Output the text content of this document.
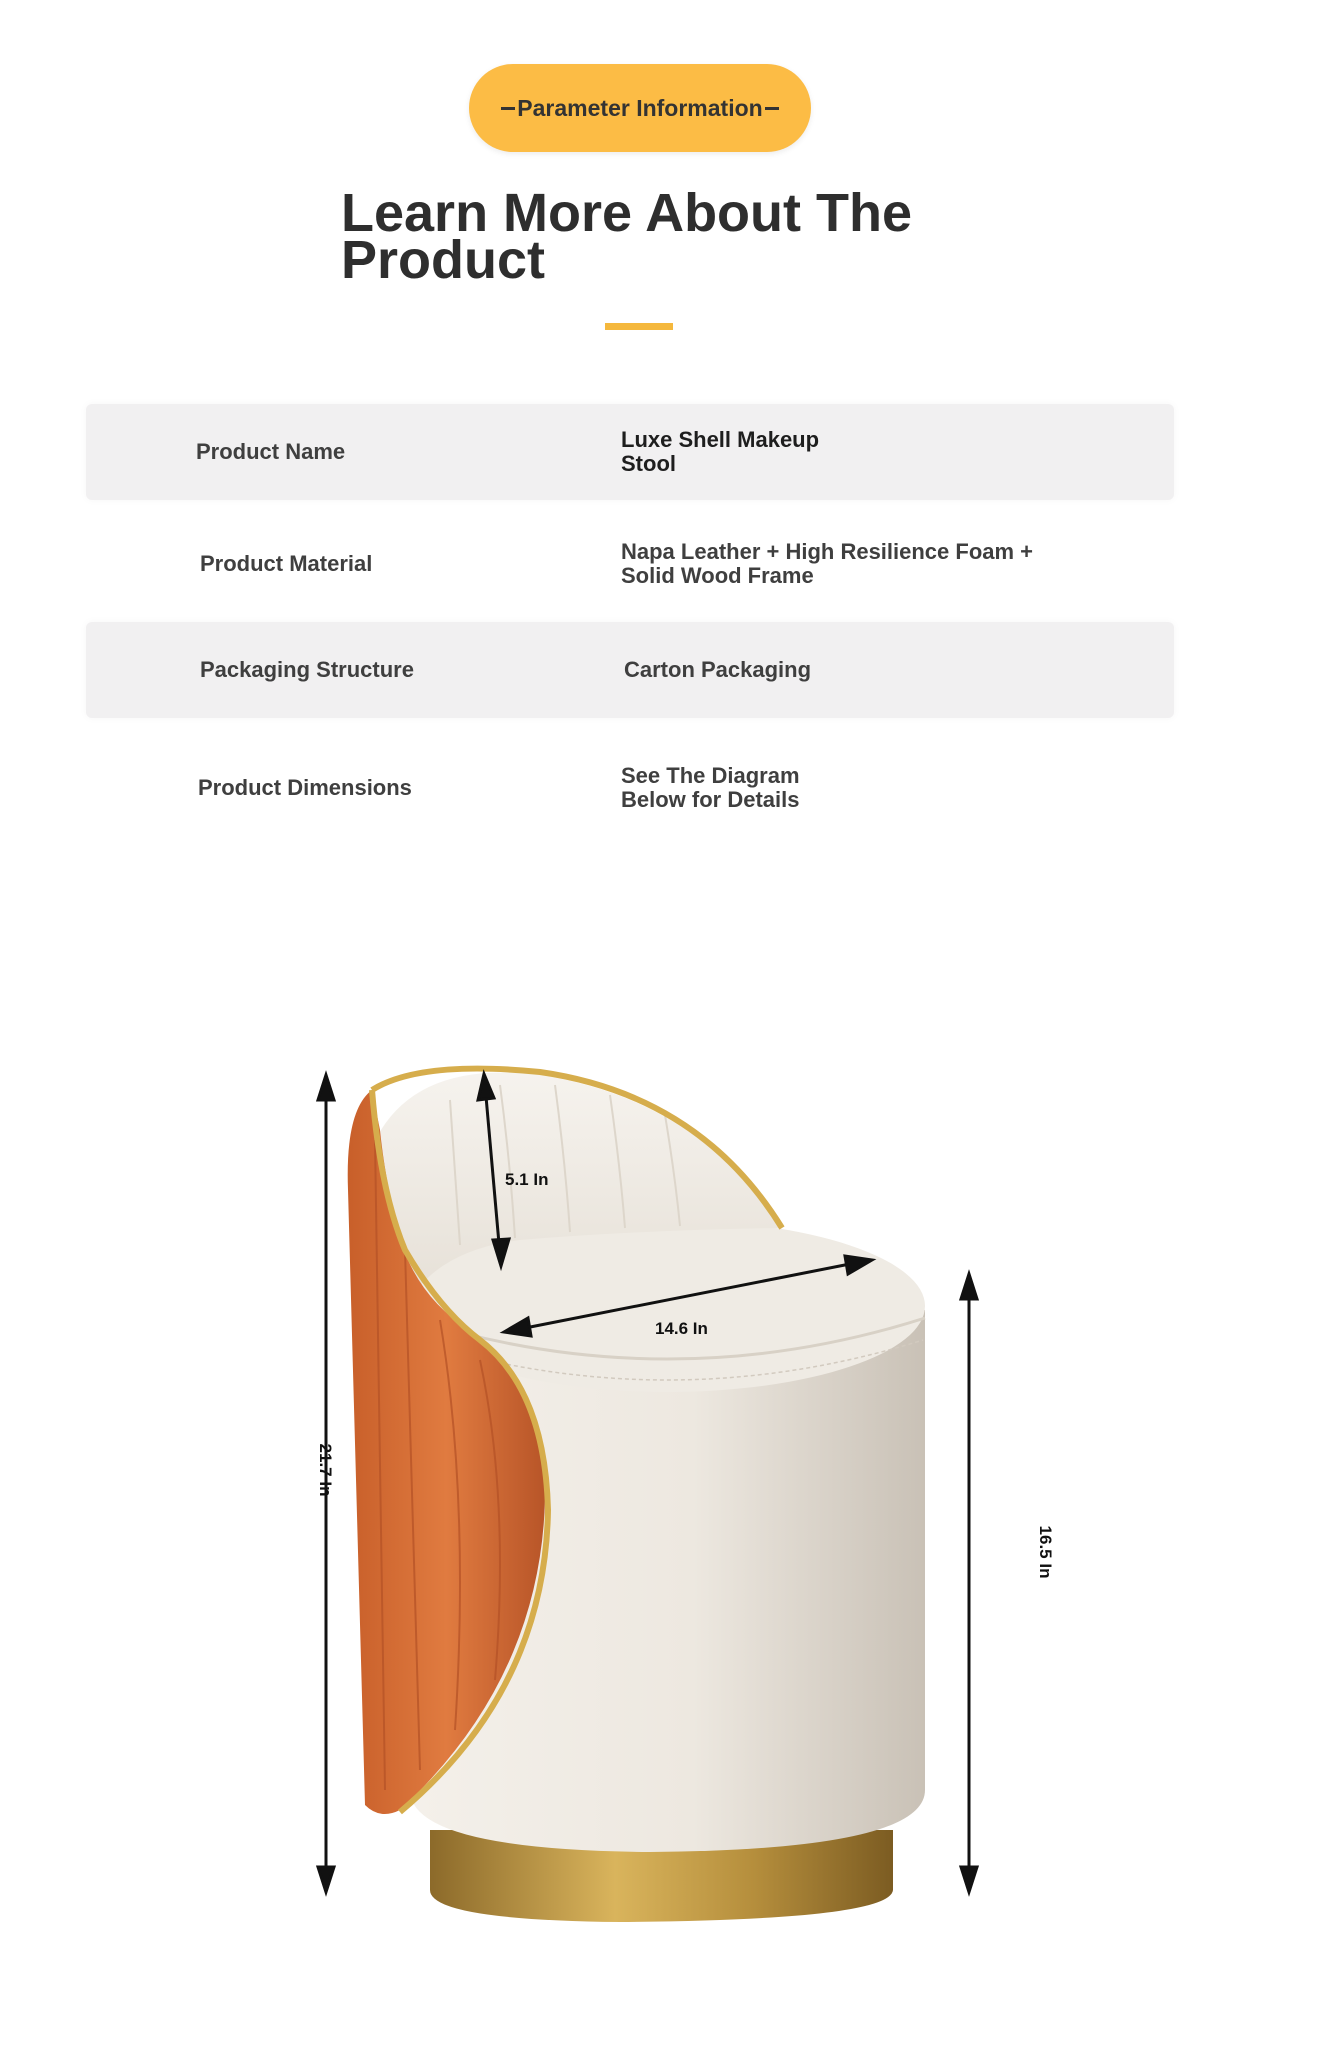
Parameter Information
Learn More About The Product
Product Name	Luxe Shell Makeup Stool
Product Material	Napa Leather + High Resilience Foam + Solid Wood Frame
Packaging Structure	Carton Packaging
Product Dimensions	See The Diagram Below for Details
21.7 In
16.5 In
5.1 In
14.6 In
